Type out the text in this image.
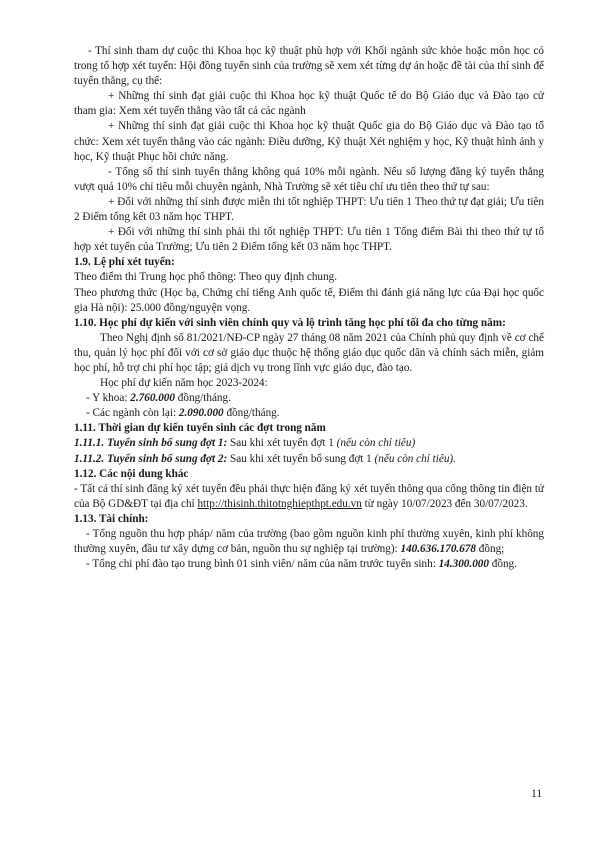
- Thí sinh tham dự cuộc thi Khoa học kỹ thuật phù hợp với Khối ngành sức khỏe hoặc môn học có trong tổ hợp xét tuyển: Hội đồng tuyển sinh của trường sẽ xem xét từng dự án hoặc đề tài của thí sinh để tuyển thẳng, cụ thể:

+ Những thí sinh đạt giải cuộc thi Khoa học kỹ thuật Quốc tế do Bộ Giáo dục và Đào tạo cử tham gia: Xem xét tuyển thẳng vào tất cả các ngành

+ Những thí sinh đạt giải cuộc thi Khoa học kỹ thuật Quốc gia do Bộ Giáo dục và Đào tạo tổ chức: Xem xét tuyển thẳng vào các ngành: Điều dưỡng, Kỹ thuật Xét nghiệm y học, Kỹ thuật hình ảnh y học, Kỹ thuật Phục hồi chức năng.

- Tổng số thí sinh tuyển thẳng không quá 10% mỗi ngành. Nếu số lượng đăng ký tuyển thẳng vượt quá 10% chỉ tiêu mỗi chuyên ngành, Nhà Trường sẽ xét tiêu chí ưu tiên theo thứ tự sau:

+ Đối với những thí sinh được miễn thi tốt nghiệp THPT: Ưu tiên 1 Theo thứ tự đạt giải; Ưu tiên 2 Điểm tổng kết 03 năm học THPT.

+ Đối với những thí sinh phải thi tốt nghiệp THPT: Ưu tiên 1 Tổng điểm Bài thi theo thứ tự tổ hợp xét tuyển của Trường; Ưu tiên 2 Điểm tổng kết 03 năm học THPT.

1.9. Lệ phí xét tuyển:

Theo điểm thi Trung học phổ thông: Theo quy định chung.

Theo phương thức (Học bạ, Chứng chỉ tiếng Anh quốc tế, Điểm thi đánh giá năng lực của Đại học quốc gia Hà nội): 25.000 đồng/nguyện vọng.

1.10. Học phí dự kiến với sinh viên chính quy và lộ trình tăng học phí tối đa cho từng năm:

Theo Nghị định số 81/2021/NĐ-CP ngày 27 tháng 08 năm 2021 của Chính phủ quy định về cơ chế thu, quản lý học phí đối với cơ sở giáo dục thuộc hệ thống giáo dục quốc dân và chính sách miễn, giảm học phí, hỗ trợ chi phí học tập; giá dịch vụ trong lĩnh vực giáo dục, đào tạo.

Học phí dự kiến năm học 2023-2024:

- Y khoa: 2.760.000 đồng/tháng.

- Các ngành còn lại: 2.090.000 đồng/tháng.

1.11. Thời gian dự kiến tuyển sinh các đợt trong năm

1.11.1. Tuyển sinh bổ sung đợt 1: Sau khi xét tuyển đợt 1 (nếu còn chỉ tiêu)

1.11.2. Tuyển sinh bổ sung đợt 2: Sau khi xét tuyển bổ sung đợt 1 (nếu còn chỉ tiêu).

1.12. Các nội dung khác

- Tất cả thí sinh đăng ký xét tuyển đều phải thực hiện đăng ký xét tuyển thông qua cổng thông tin điện tử của Bộ GD&ĐT tại địa chỉ http://thisinh.thitotnghiepthpt.edu.vn từ ngày 10/07/2023 đến 30/07/2023.

1.13. Tài chính:

- Tổng nguồn thu hợp pháp/ năm của trường (bao gồm nguồn kinh phí thường xuyên, kinh phí không thường xuyên, đầu tư xây dựng cơ bản, nguồn thu sự nghiệp tại trường): 140.636.170.678 đồng;

- Tổng chi phí đào tạo trung bình 01 sinh viên/ năm của năm trước tuyển sinh: 14.300.000 đồng.

11
